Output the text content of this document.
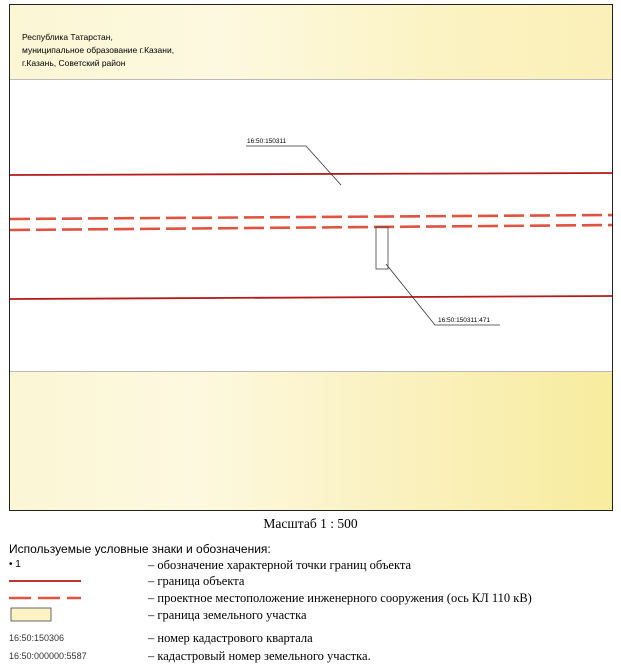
Республика Татарстан,
муниципальное образование г.Казани,
г.Казань, Советский район
16:50:150311
16:50:150311:471
Масштаб 1 : 500
Используемые условные знаки и обозначения:
• 1	– обозначение характерной точки границ объекта
– граница объекта
– проектное местоположение инженерного сооружения (ось КЛ 110 кВ)
– граница земельного участка
16:50:150306	– номер кадастрового квартала
16:50:000000:5587	– кадастровый номер земельного участка.
